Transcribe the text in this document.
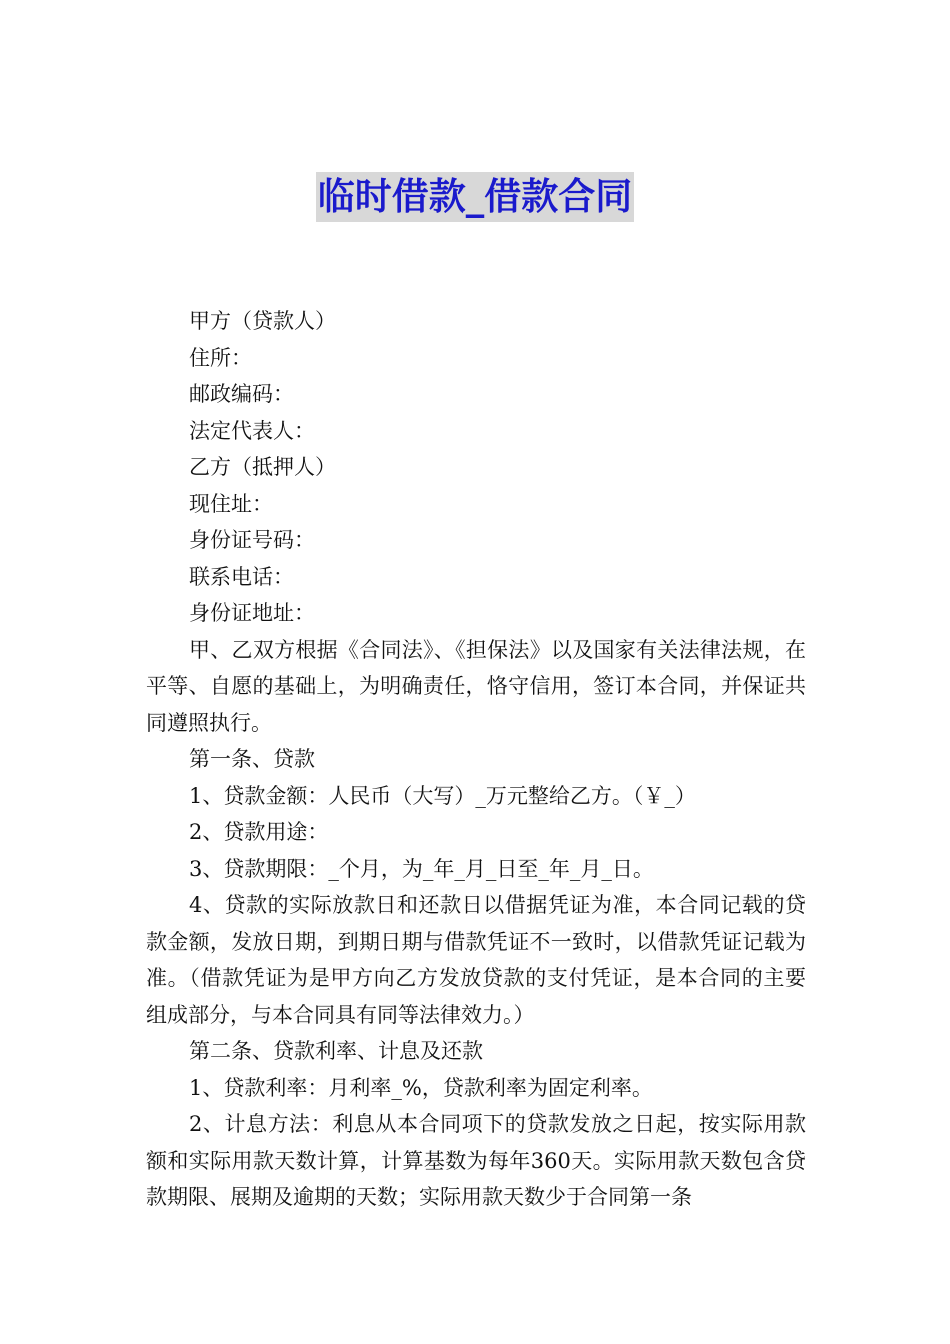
临时借款_借款合同

甲方（贷款人）

住所：

邮政编码：

法定代表人：

乙方（抵押人）

现住址：

身份证号码：

联系电话：

身份证地址：

甲、乙双方根据《合同法》、《担保法》以及国家有关法律法规，在平等、自愿的基础上，为明确责任，恪守信用，签订本合同，并保证共同遵照执行。

第一条、贷款

1、贷款金额：人民币（大写）_万元整给乙方。（￥_）

2、贷款用途：

3、贷款期限：_个月，为_年_月_日至_年_月_日。

4、贷款的实际放款日和还款日以借据凭证为准，本合同记载的贷款金额，发放日期，到期日期与借款凭证不一致时，以借款凭证记载为准。（借款凭证为是甲方向乙方发放贷款的支付凭证，是本合同的主要组成部分，与本合同具有同等法律效力。）

第二条、贷款利率、计息及还款

1、贷款利率：月利率_%，贷款利率为固定利率。

2、计息方法：利息从本合同项下的贷款发放之日起，按实际用款额和实际用款天数计算，计算基数为每年360天。实际用款天数包含贷款期限、展期及逾期的天数；实际用款天数少于合同第一条
